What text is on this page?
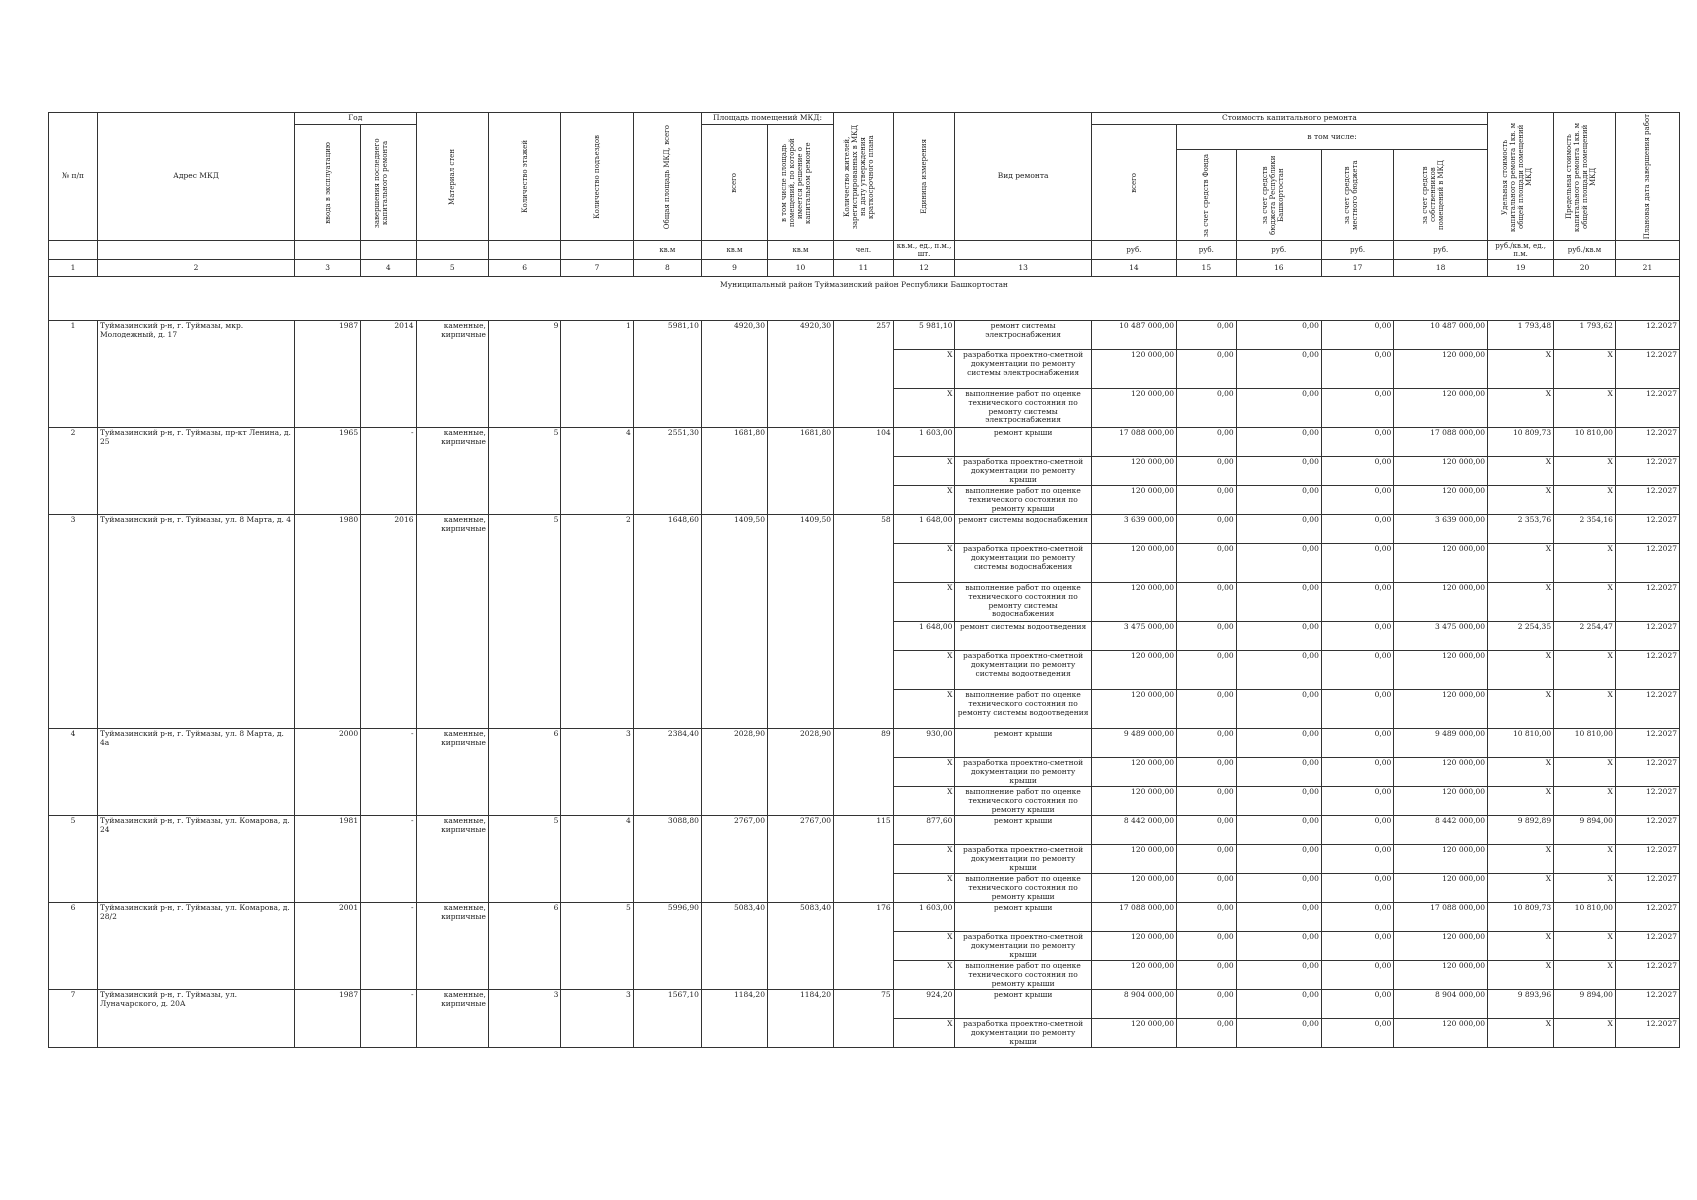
№ п/п	Адрес МКД	Год		Материал стен	Количество этажей	Количество подъездов	Общая площадь МКД, всего	Площадь помещений МКД:		Количество жителей, зарегистрированных в МКД на дату утверждения краткосрочного плана	Единица измерения	Вид ремонта	Стоимость капитального ремонта					Удельная стоимость капитального ремонта 1кв. м общей площади помещений МКД	Предельная стоимость капитального ремонта 1кв. м общей площади помещений МКД	Плановая дата завершения работ

		ввода в эксплуатацию	завершения последнего капитального ремонта					всего	в том числе площадь помещений, по которой имеется решение о капитальном ремонте				всего	в том числе:						

														за счет средств Фонда	за счет средств бюджета Республики Башкортостан	за счет средств местного бюджета	за счет средств собственников помещений в МКД			

							кв.м	кв.м	кв.м	чел.	кв.м., ед., п.м., шт.		руб.	руб.	руб.	руб.	руб.	руб./кв.м, ед., п.м.	руб./кв.м	
1	2	3	4	5	6	7	8	9	10	11	12	13	14	15	16	17	18	19	20	21
Муниципальный район Туймазинский район Республики Башкортостан																				
1	Туймазинский р-н, г. Туймазы, мкр. Молодежный, д. 17	1987	2014	каменные, кирпичные	9	1	5981,10	4920,30	4920,30	257	5 981,10	ремонт системы электроснабжения	10 487 000,00	0,00	0,00	0,00	10 487 000,00	1 793,48	1 793,62	12.2027
											X	разработка проектно-сметной документации по ремонту системы электроснабжения	120 000,00	0,00	0,00	0,00	120 000,00	X	X	12.2027
											X	выполнение работ по оценке технического состояния по ремонту системы электроснабжения	120 000,00	0,00	0,00	0,00	120 000,00	X	X	12.2027
2	Туймазинский р-н, г. Туймазы, пр-кт Ленина, д. 25	1965	-	каменные, кирпичные	5	4	2551,30	1681,80	1681,80	104	1 603,00	ремонт крыши	17 088 000,00	0,00	0,00	0,00	17 088 000,00	10 809,73	10 810,00	12.2027
											X	разработка проектно-сметной документации по ремонту крыши	120 000,00	0,00	0,00	0,00	120 000,00	X	X	12.2027
											X	выполнение работ по оценке технического состояния по ремонту крыши	120 000,00	0,00	0,00	0,00	120 000,00	X	X	12.2027
3	Туймазинский р-н, г. Туймазы, ул. 8 Марта, д. 4	1980	2016	каменные, кирпичные	5	2	1648,60	1409,50	1409,50	58	1 648,00	ремонт системы водоснабжения	3 639 000,00	0,00	0,00	0,00	3 639 000,00	2 353,76	2 354,16	12.2027
											X	разработка проектно-сметной документации по ремонту системы водоснабжения	120 000,00	0,00	0,00	0,00	120 000,00	X	X	12.2027
											X	выполнение работ по оценке технического состояния по ремонту системы водоснабжения	120 000,00	0,00	0,00	0,00	120 000,00	X	X	12.2027
											1 648,00	ремонт системы водоотведения	3 475 000,00	0,00	0,00	0,00	3 475 000,00	2 254,35	2 254,47	12.2027
											X	разработка проектно-сметной документации по ремонту системы водоотведения	120 000,00	0,00	0,00	0,00	120 000,00	X	X	12.2027
											X	выполнение работ по оценке технического состояния по ремонту системы водоотведения	120 000,00	0,00	0,00	0,00	120 000,00	X	X	12.2027
4	Туймазинский р-н, г. Туймазы, ул. 8 Марта, д. 4а	2000	-	каменные, кирпичные	6	3	2384,40	2028,90	2028,90	89	930,00	ремонт крыши	9 489 000,00	0,00	0,00	0,00	9 489 000,00	10 810,00	10 810,00	12.2027
											X	разработка проектно-сметной документации по ремонту крыши	120 000,00	0,00	0,00	0,00	120 000,00	X	X	12.2027
											X	выполнение работ по оценке технического состояния по ремонту крыши	120 000,00	0,00	0,00	0,00	120 000,00	X	X	12.2027
5	Туймазинский р-н, г. Туймазы, ул. Комарова, д. 24	1981	-	каменные, кирпичные	5	4	3088,80	2767,00	2767,00	115	877,60	ремонт крыши	8 442 000,00	0,00	0,00	0,00	8 442 000,00	9 892,89	9 894,00	12.2027
											X	разработка проектно-сметной документации по ремонту крыши	120 000,00	0,00	0,00	0,00	120 000,00	X	X	12.2027
											X	выполнение работ по оценке технического состояния по ремонту крыши	120 000,00	0,00	0,00	0,00	120 000,00	X	X	12.2027
6	Туймазинский р-н, г. Туймазы, ул. Комарова, д. 28/2	2001	-	каменные, кирпичные	6	5	5996,90	5083,40	5083,40	176	1 603,00	ремонт крыши	17 088 000,00	0,00	0,00	0,00	17 088 000,00	10 809,73	10 810,00	12.2027
											X	разработка проектно-сметной документации по ремонту крыши	120 000,00	0,00	0,00	0,00	120 000,00	X	X	12.2027
											X	выполнение работ по оценке технического состояния по ремонту крыши	120 000,00	0,00	0,00	0,00	120 000,00	X	X	12.2027
7	Туймазинский р-н, г. Туймазы, ул. Луначарского, д. 20А	1987	-	каменные, кирпичные	3	3	1567,10	1184,20	1184,20	75	924,20	ремонт крыши	8 904 000,00	0,00	0,00	0,00	8 904 000,00	9 893,96	9 894,00	12.2027
											X	разработка проектно-сметной документации по ремонту крыши	120 000,00	0,00	0,00	0,00	120 000,00	X	X	12.2027
